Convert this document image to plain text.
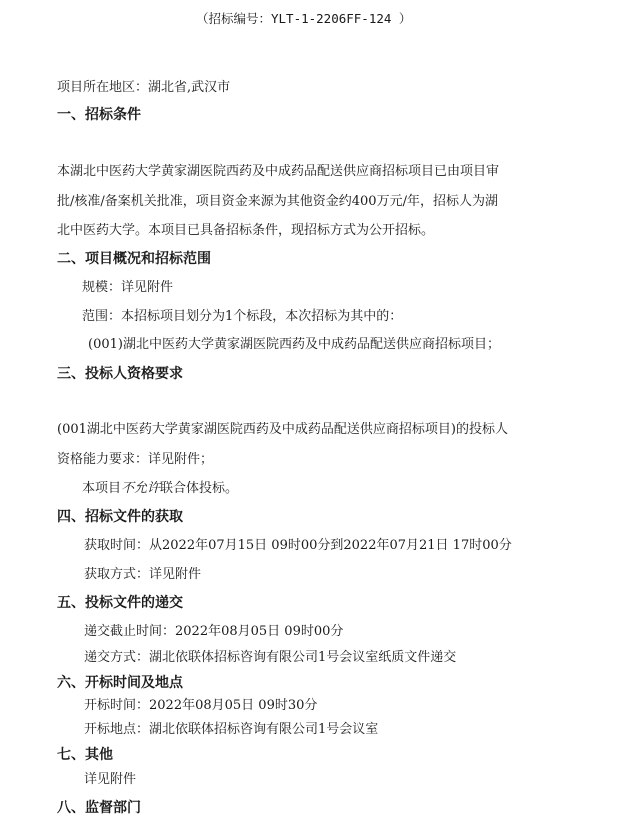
（招标编号：YLT-1-2206FF-124 ）
项目所在地区：湖北省,武汉市
一、招标条件
本湖北中医药大学黄家湖医院西药及中成药品配送供应商招标项目已由项目审
批/核准/备案机关批准，项目资金来源为其他资金约400万元/年，招标人为湖
北中医药大学。本项目已具备招标条件，现招标方式为公开招标。
二、项目概况和招标范围
规模：详见附件
范围：本招标项目划分为1个标段，本次招标为其中的：
(001)湖北中医药大学黄家湖医院西药及中成药品配送供应商招标项目；
三、投标人资格要求
(001湖北中医药大学黄家湖医院西药及中成药品配送供应商招标项目)的投标人
资格能力要求：详见附件；
本项目不允许联合体投标。
四、招标文件的获取
获取时间：从2022年07月15日 09时00分到2022年07月21日 17时00分
获取方式：详见附件
五、投标文件的递交
递交截止时间：2022年08月05日 09时00分
递交方式：湖北依联体招标咨询有限公司1号会议室纸质文件递交
六、开标时间及地点
开标时间：2022年08月05日 09时30分
开标地点：湖北依联体招标咨询有限公司1号会议室
七、其他
详见附件
八、监督部门
